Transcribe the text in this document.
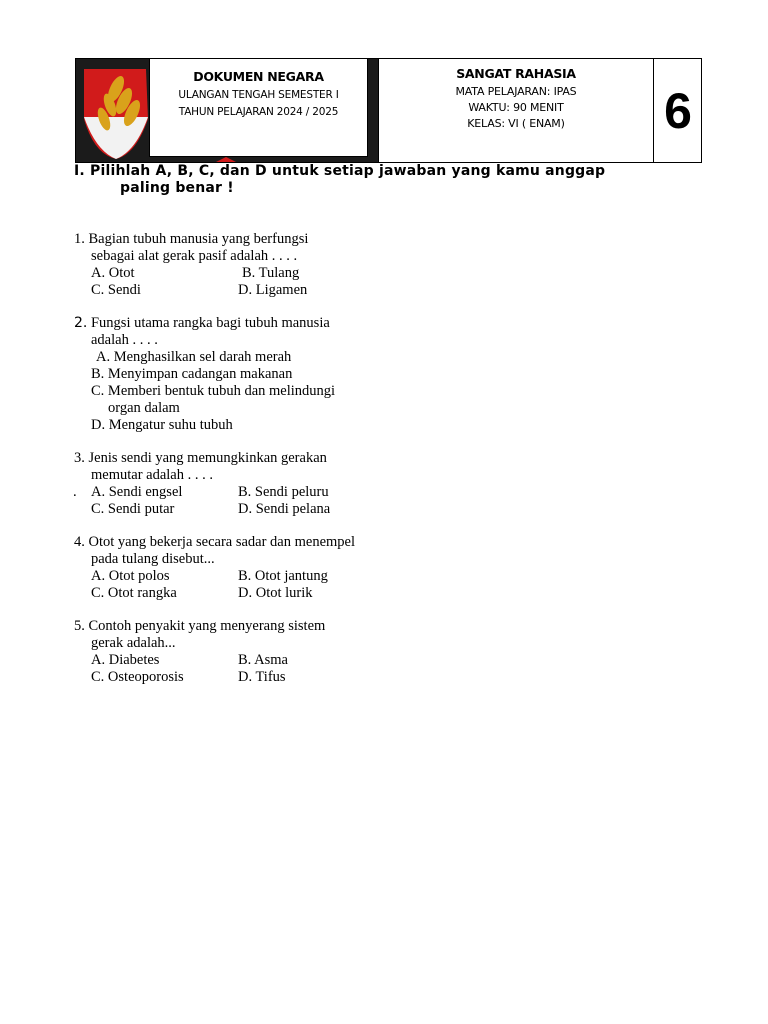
DOKUMEN NEGARA
ULANGAN TENGAH SEMESTER I
TAHUN PELAJARAN 2024 / 2025
SANGAT RAHASIA
MATA PELAJARAN: IPAS
WAKTU: 90 MENIT
KELAS: VI ( ENAM)	6
I. Pilihlah A, B, C, dan D untuk setiap jawaban yang kamu anggap
paling benar !
1. Bagian tubuh manusia yang berfungsi
sebagai alat gerak pasif adalah . . . .
A. Otot	B. Tulang
C. Sendi	D. Ligamen
2. Fungsi utama rangka bagi tubuh manusia
adalah . . . .
A. Menghasilkan sel darah merah
B. Menyimpan cadangan makanan
C. Memberi bentuk tubuh dan melindungi
organ dalam
D. Mengatur suhu tubuh
3. Jenis sendi yang memungkinkan gerakan
memutar adalah . . . .
. A. Sendi engsel	B. Sendi peluru
C. Sendi putar	D. Sendi pelana
4. Otot yang bekerja secara sadar dan menempel
pada tulang disebut...
A. Otot polos	B. Otot jantung
C. Otot rangka	D. Otot lurik
5. Contoh penyakit yang menyerang sistem
gerak adalah...
A. Diabetes	B. Asma
C. Osteoporosis	D. Tifus
